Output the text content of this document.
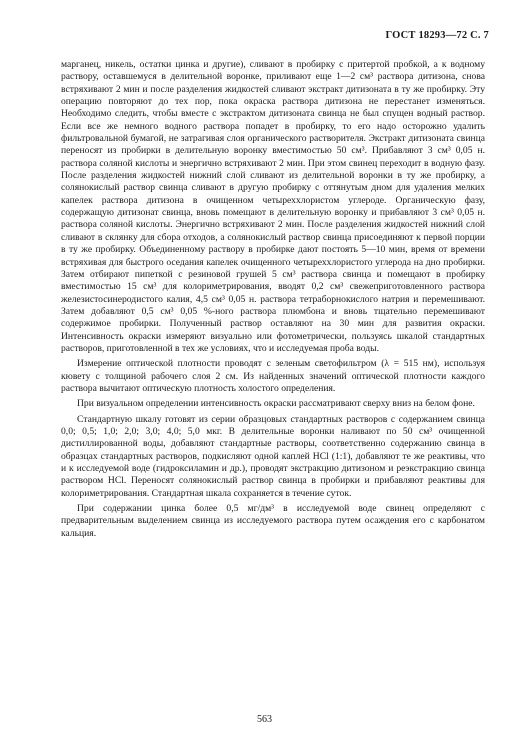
ГОСТ 18293—72 С. 7

марганец, никель, остатки цинка и другие), сливают в пробирку с притертой пробкой, а к водному раствору, оставшемуся в делительной воронке, приливают еще 1—2 см³ раствора дитизона, снова встряхивают 2 мин и после разделения жидкостей сливают экстракт дитизоната в ту же пробирку. Эту операцию повторяют до тех пор, пока окраска раствора дитизона не перестанет изменяться. Необходимо следить, чтобы вместе с экстрактом дитизоната свинца не был спущен водный раствор. Если все же немного водного раствора попадет в пробирку, то его надо осторожно удалить фильтровальной бумагой, не затрагивая слоя органического растворителя. Экстракт дитизоната свинца переносят из пробирки в делительную воронку вместимостью 50 см³. Прибавляют 3 см³ 0,05 н. раствора соляной кислоты и энергично встряхивают 2 мин. При этом свинец переходит в водную фазу. После разделения жидкостей нижний слой сливают из делительной воронки в ту же пробирку, а солянокислый раствор свинца сливают в другую пробирку с оттянутым дном для удаления мелких капелек раствора дитизона в очищенном четыреххлористом углероде. Органическую фазу, содержащую дитизонат свинца, вновь помещают в делительную воронку и прибавляют 3 см³ 0,05 н. раствора соляной кислоты. Энергично встряхивают 2 мин. После разделения жидкостей нижний слой сливают в склянку для сбора отходов, а солянокислый раствор свинца присоединяют к первой порции в ту же пробирку. Объединенному раствору в пробирке дают постоять 5—10 мин, время от времени встряхивая для быстрого оседания капелек очищенного четыреххлористого углерода на дно пробирки. Затем отбирают пипеткой с резиновой грушей 5 см³ раствора свинца и помещают в пробирку вместимостью 15 см³ для колориметрирования, вводят 0,2 см³ свежеприготовленного раствора железистосинеродистого калия, 4,5 см³ 0,05 н. раствора тетраборнокислого натрия и перемешивают. Затем добавляют 0,5 см³ 0,05 %-ного раствора плюмбона и вновь тщательно перемешивают содержимое пробирки. Полученный раствор оставляют на 30 мин для развития окраски. Интенсивность окраски измеряют визуально или фотометрически, пользуясь шкалой стандартных растворов, приготовленной в тех же условиях, что и исследуемая проба воды.

Измерение оптической плотности проводят с зеленым светофильтром (λ = 515 нм), используя кювету с толщиной рабочего слоя 2 см. Из найденных значений оптической плотности каждого раствора вычитают оптическую плотность холостого определения.

При визуальном определении интенсивность окраски рассматривают сверху вниз на белом фоне.

Стандартную шкалу готовят из серии образцовых стандартных растворов с содержанием свинца 0,0; 0,5; 1,0; 2,0; 3,0; 4,0; 5,0 мкг. В делительные воронки наливают по 50 см³ очищенной дистиллированной воды, добавляют стандартные растворы, соответственно содержанию свинца в образцах стандартных растворов, подкисляют одной каплей HCl (1:1), добавляют те же реактивы, что и к исследуемой воде (гидроксиламин и др.), проводят экстракцию дитизоном и реэкстракцию свинца раствором HCl. Переносят солянокислый раствор свинца в пробирки и прибавляют реактивы для колориметрирования. Стандартная шкала сохраняется в течение суток.

При содержании цинка более 0,5 мг/дм³ в исследуемой воде свинец определяют с предварительным выделением свинца из исследуемого раствора путем осаждения его с карбонатом кальция.

563
